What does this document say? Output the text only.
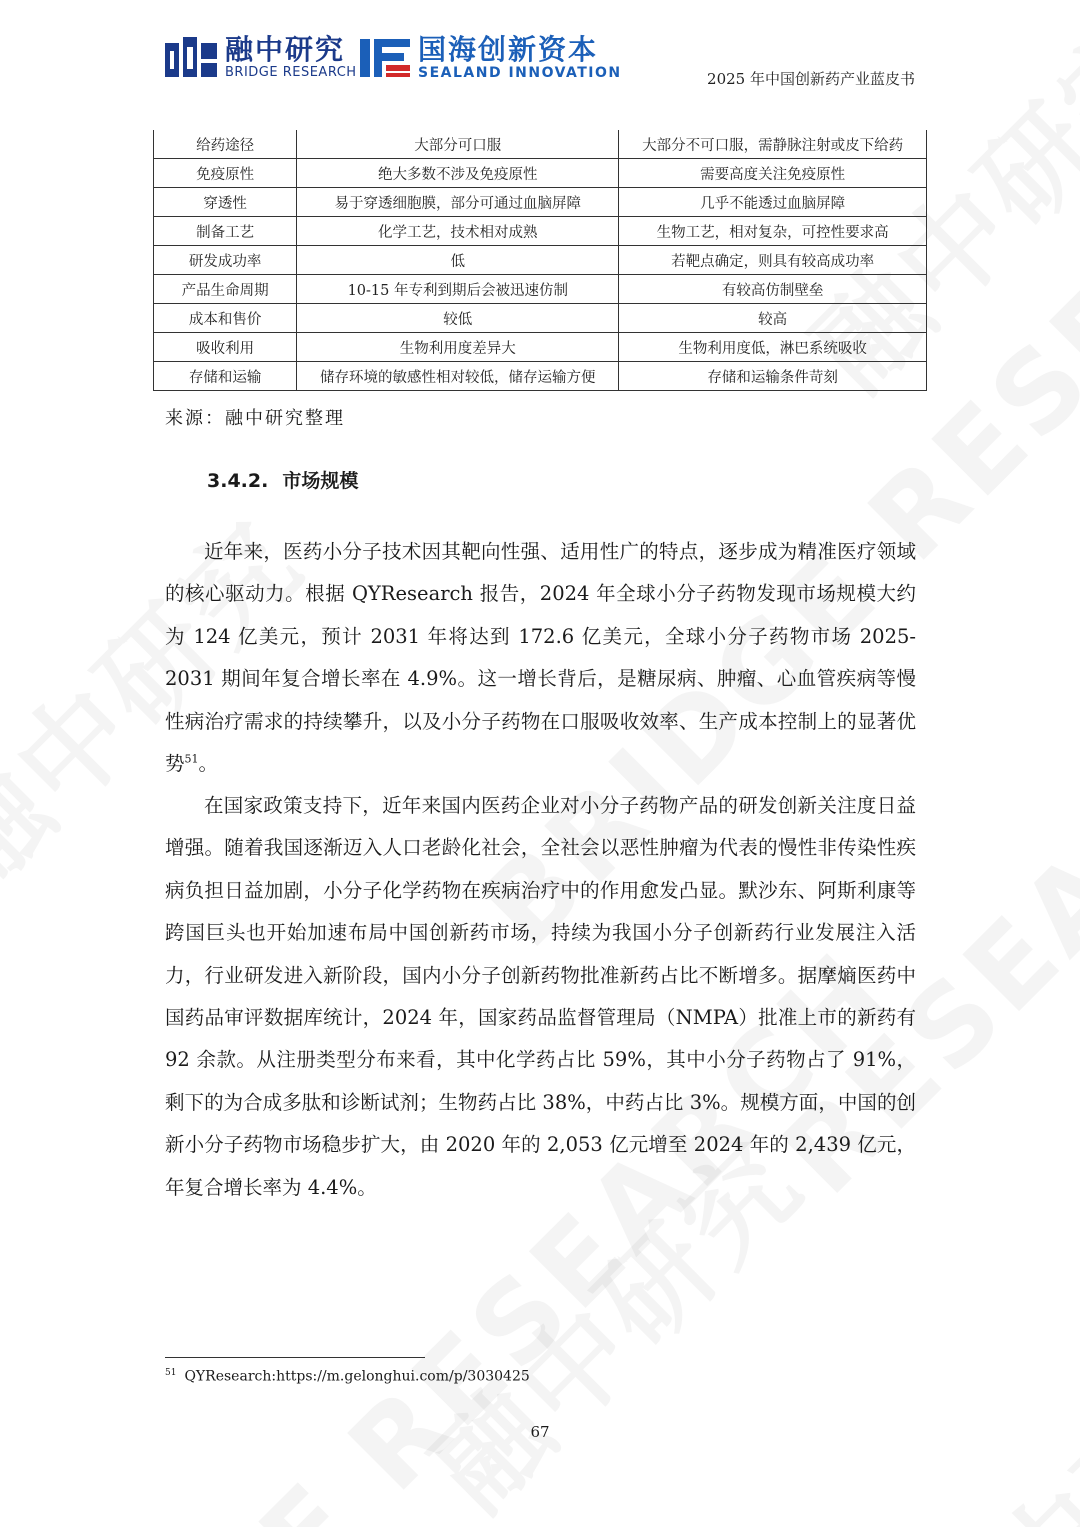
融中研究
BRIDGE RESEARCH
国海创新资本
SEALAND INNOVATION	2025 年中国创新药产业蓝皮书
给药途径	大部分可口服	大部分不可口服，需静脉注射或皮下给药
免疫原性	绝大多数不涉及免疫原性	需要高度关注免疫原性
穿透性	易于穿透细胞膜，部分可通过血脑屏障	几乎不能透过血脑屏障
制备工艺	化学工艺，技术相对成熟	生物工艺，相对复杂，可控性要求高
研发成功率	低	若靶点确定，则具有较高成功率
产品生命周期	10-15 年专利到期后会被迅速仿制	有较高仿制壁垒
成本和售价	较低	较高
吸收利用	生物利用度差异大	生物利用度低，淋巴系统吸收
存储和运输	储存环境的敏感性相对较低，储存运输方便	存储和运输条件苛刻
来源：融中研究整理
3.4.2. 市场规模

近年来，医药小分子技术因其靶向性强、适用性广的特点，逐步成为精准医疗领域的核心驱动力。根据 QYResearch 报告，2024 年全球小分子药物发现市场规模大约为 124 亿美元，预计 2031 年将达到 172.6 亿美元，全球小分子药物市场 2025-2031 期间年复合增长率在 4.9%。这一增长背后，是糖尿病、肿瘤、心血管疾病等慢性病治疗需求的持续攀升，以及小分子药物在口服吸收效率、生产成本控制上的显著优势$^{51}$。

在国家政策支持下，近年来国内医药企业对小分子药物产品的研发创新关注度日益增强。随着我国逐渐迈入人口老龄化社会，全社会以恶性肿瘤为代表的慢性非传染性疾病负担日益加剧，小分子化学药物在疾病治疗中的作用愈发凸显。默沙东、阿斯利康等跨国巨头也开始加速布局中国创新药市场，持续为我国小分子创新药行业发展注入活力，行业研发进入新阶段，国内小分子创新药物批准新药占比不断增多。据摩熵医药中国药品审评数据库统计，2024 年，国家药品监督管理局（NMPA）批准上市的新药有 92 余款。从注册类型分布来看，其中化学药占比 59%，其中小分子药物占了 91%，剩下的为合成多肽和诊断试剂；生物药占比 38%，中药占比 3%。规模方面，中国的创新小分子药物市场稳步扩大，由 2020 年的 2,053 亿元增至 2024 年的 2,439 亿元，年复合增长率为 4.4%。

$^{51}$ QYResearch:https://m.gelonghui.com/p/3030425
67
